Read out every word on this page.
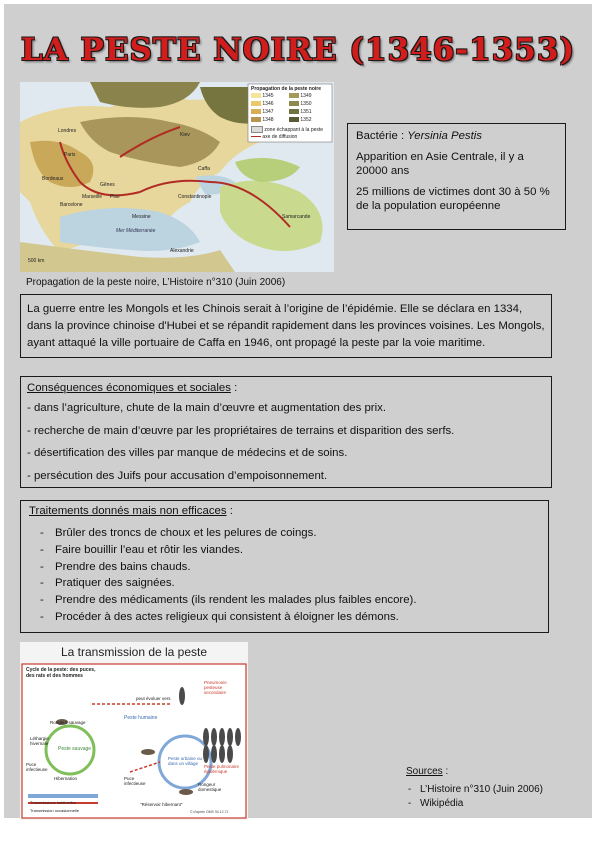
LA PESTE NOIRE (1346-1353)
Propagation de la peste noire
1345
1346
1347
1348
1349
1350
1351
1352
zone échappant à la peste
axe de diffusion
Londres
Paris
Bordeaux
Marseille
Barcelone
Gênes
Pise
Messine
Kiev
Caffa
Constantinople
Samarcande
Mer Méditerranée
Alexandrie
500 km
Propagation de la peste noire, L’Histoire n°310 (Juin 2006)

Bactérie : Yersinia Pestis

Apparition en Asie Centrale, il y a 20000 ans

25 millions de victimes dont 30 à 50 % de la population européenne

La guerre entre les Mongols et les Chinois serait à l’origine de l’épidémie. Elle se déclara en 1334, dans la province chinoise d'Hubei et se répandit rapidement dans les provinces voisines. Les Mongols, ayant attaqué la ville portuaire de Caffa en 1946, ont propagé la peste par la voie maritime.

Conséquences économiques et sociales :
- dans l’agriculture, chute de la main d’œuvre et augmentation des prix.
- recherche de main d’œuvre par les propriétaires de terrains et disparition des serfs.
- désertification des villes par manque de médecins et de soins.
- persécution des Juifs pour accusation d’empoisonnement.
Traitements donnés mais non efficaces :
- Brûler des troncs de choux et les pelures de coings.
- Faire bouillir l’eau et rôtir les viandes.
- Prendre des bains chauds.
- Pratiquer des saignées.
- Prendre des médicaments (ils rendent les malades plus faibles encore).
- Procéder à des actes religieux qui consistent à éloigner les démons.
La transmission de la peste
Cycle de la peste: des puces, des rats et des hommes
peut évoluer vers
Pneumonie pesteuse secondaire
Peste humaine
Rongeur sauvage
Léthargie hivernale
Peste sauvage
Puce infectieuse
Hibernation
Peste pulmonaire épidémique
Peste urbaine ou dans un village
Puce infectieuse	Rongeur domestique
Transmissions habituelles
Transmission occasionnelle
"Réservoir hibernant"
© d'après OMS 94.12.71
Sources :
- L’Histoire n°310 (Juin 2006)
- Wikipédia
